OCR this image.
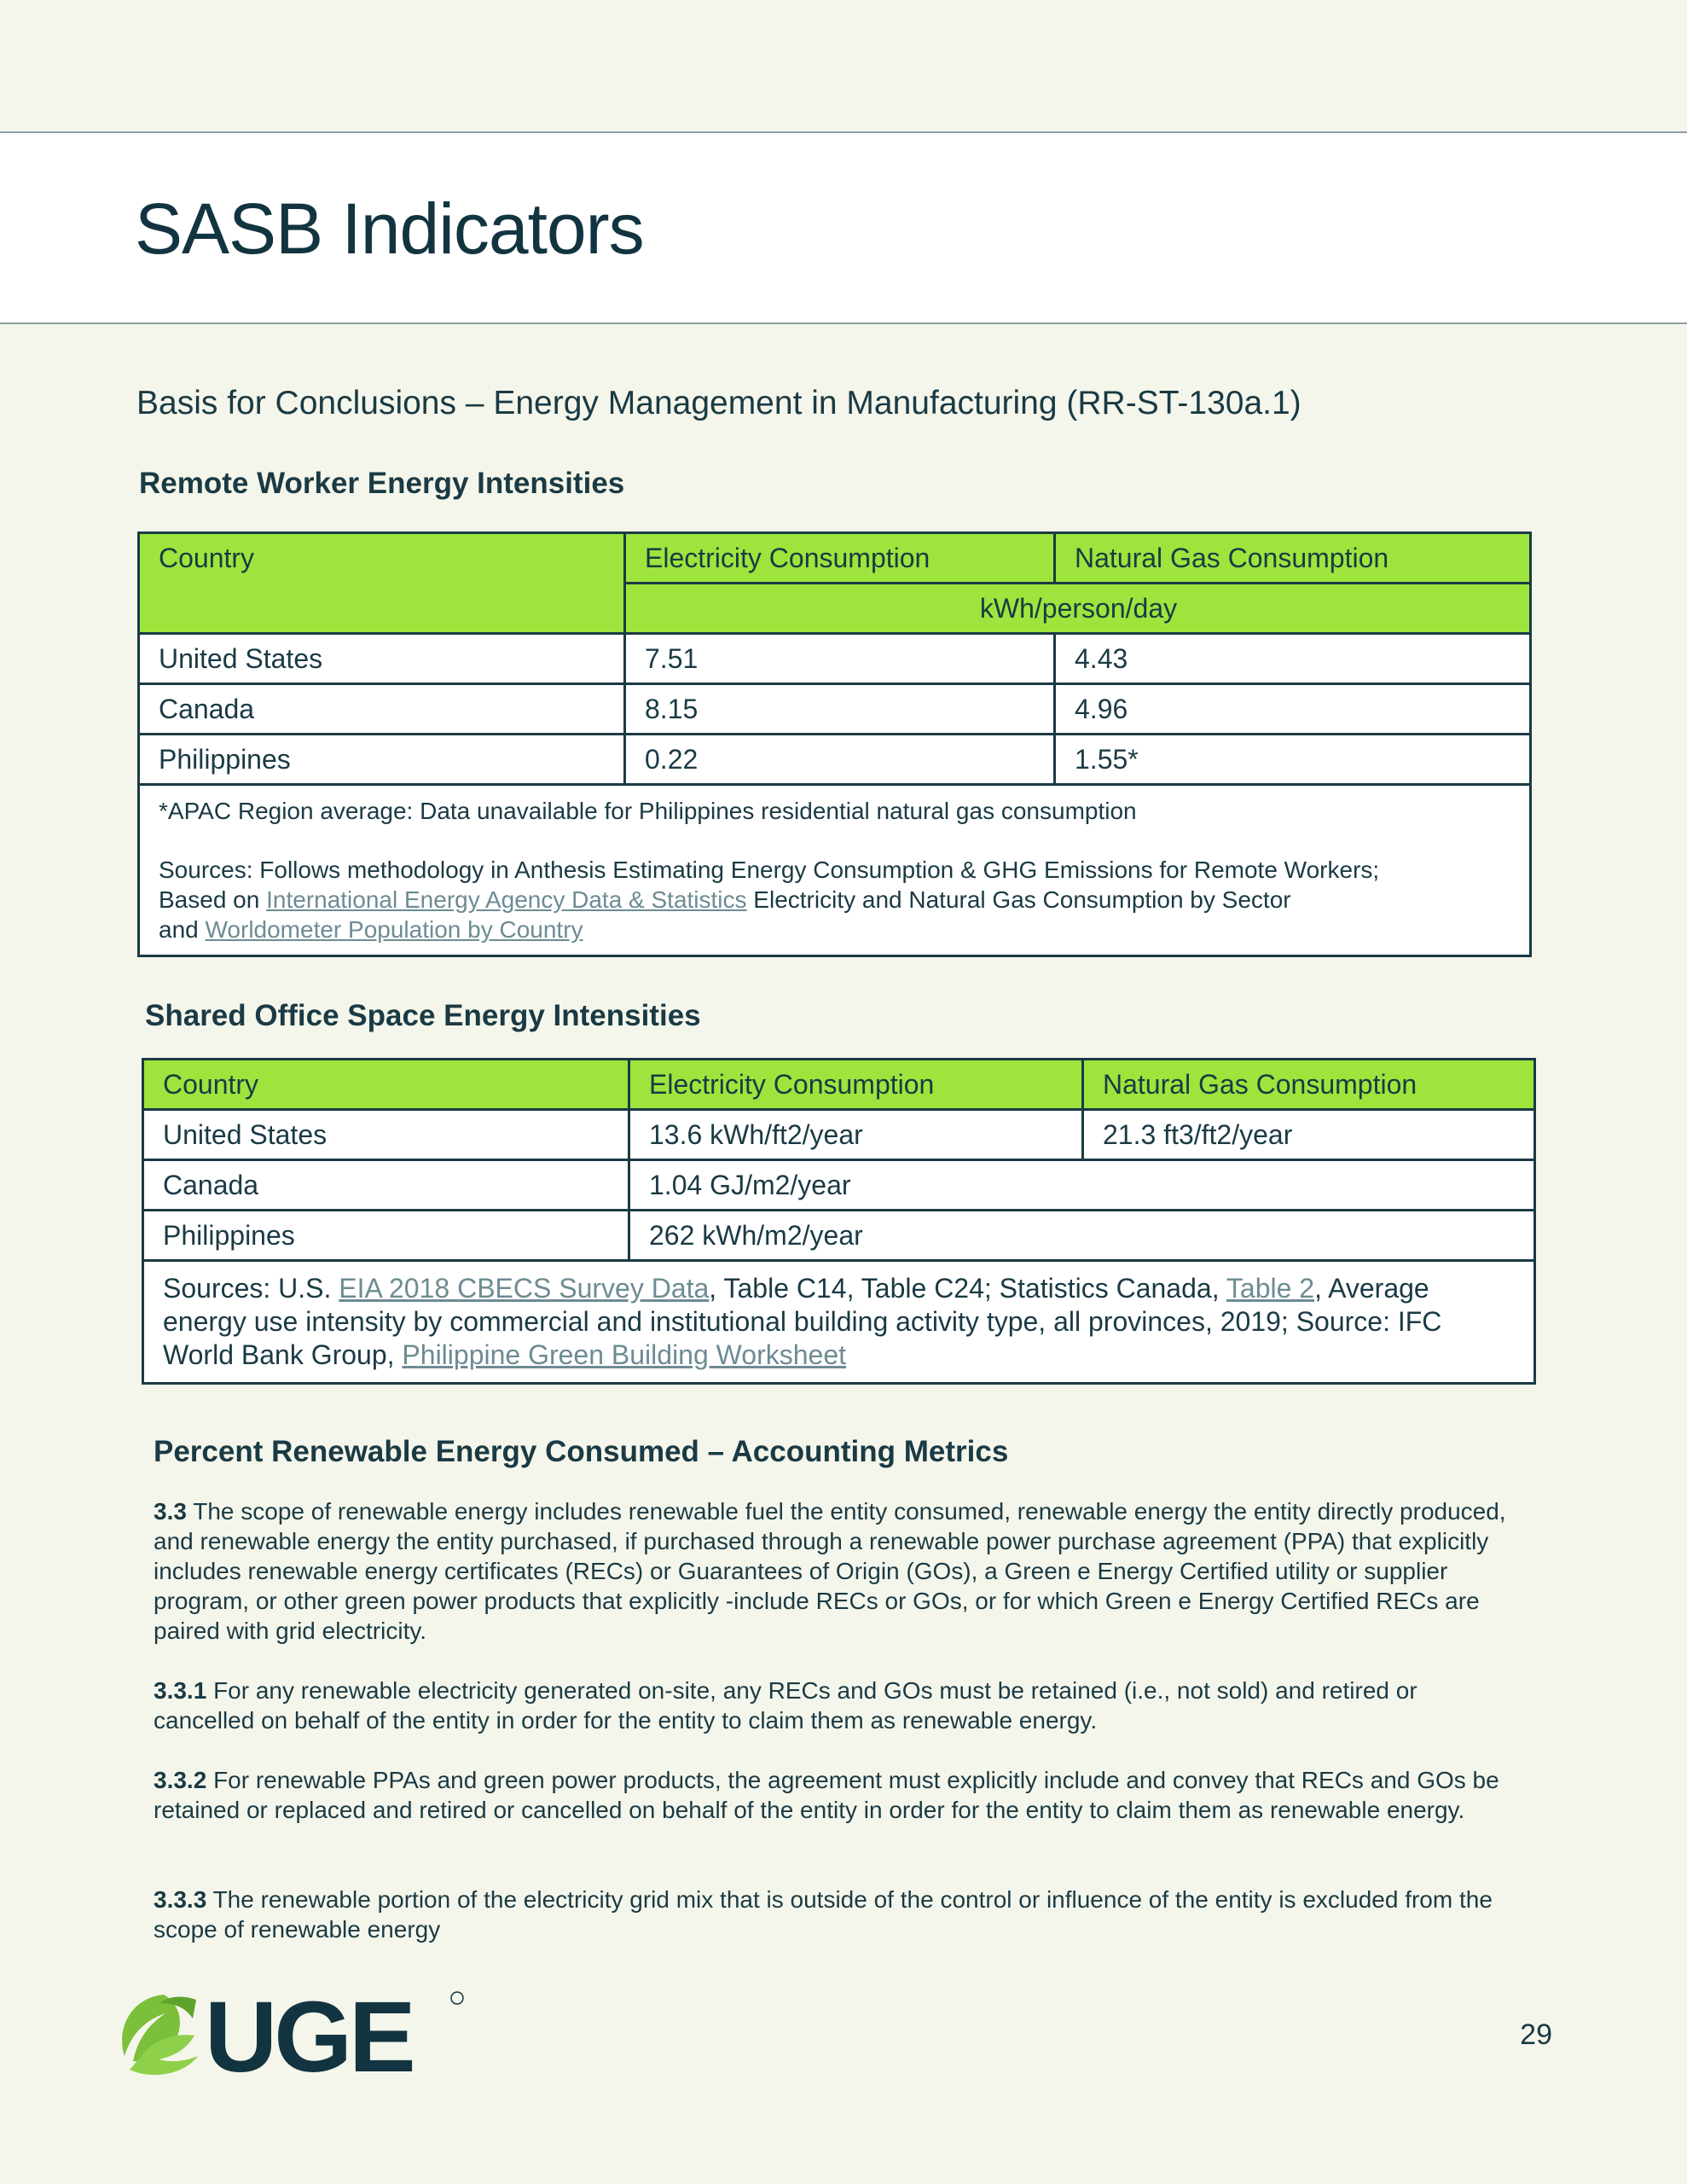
SASB Indicators
Basis for Conclusions – Energy Management in Manufacturing (RR-ST-130a.1)
Remote Worker Energy Intensities
Country	Electricity Consumption	Natural Gas Consumption
	kWh/person/day	
United States	7.51	4.43
Canada	8.15	4.96
Philippines	0.22	1.55*

*APAC Region average: Data unavailable for Philippines residential natural gas consumption
Sources: Follows methodology in Anthesis Estimating Energy Consumption & GHG Emissions for Remote Workers;
Based on International Energy Agency Data & Statistics Electricity and Natural Gas Consumption by Sector
and Worldometer Population by Country		
Shared Office Space Energy Intensities
Country	Electricity Consumption	Natural Gas Consumption
United States	13.6 kWh/ft2/year	21.3 ft3/ft2/year
Canada	1.04 GJ/m2/year	
Philippines	262 kWh/m2/year	
Sources: U.S. EIA 2018 CBECS Survey Data, Table C14, Table C24; Statistics Canada, Table 2, Average energy use intensity by commercial and institutional building activity type, all provinces, 2019; Source: IFC World Bank Group, Philippine Green Building Worksheet		
Percent Renewable Energy Consumed – Accounting Metrics
3.3 The scope of renewable energy includes renewable fuel the entity consumed, renewable energy the entity directly produced, and renewable energy the entity purchased, if purchased through a renewable power purchase agreement (PPA) that explicitly includes renewable energy certificates (RECs) or Guarantees of Origin (GOs), a Green e Energy Certified utility or supplier program, or other green power products that explicitly -include RECs or GOs, or for which Green e Energy Certified RECs are paired with grid electricity.
3.3.1 For any renewable electricity generated on-site, any RECs and GOs must be retained (i.e., not sold) and retired or cancelled on behalf of the entity in order for the entity to claim them as renewable energy.
3.3.2 For renewable PPAs and green power products, the agreement must explicitly include and convey that RECs and GOs be retained or replaced and retired or cancelled on behalf of the entity in order for the entity to claim them as renewable energy.
3.3.3 The renewable portion of the electricity grid mix that is outside of the control or influence of the entity is excluded from the scope of renewable energy
UGE	29
